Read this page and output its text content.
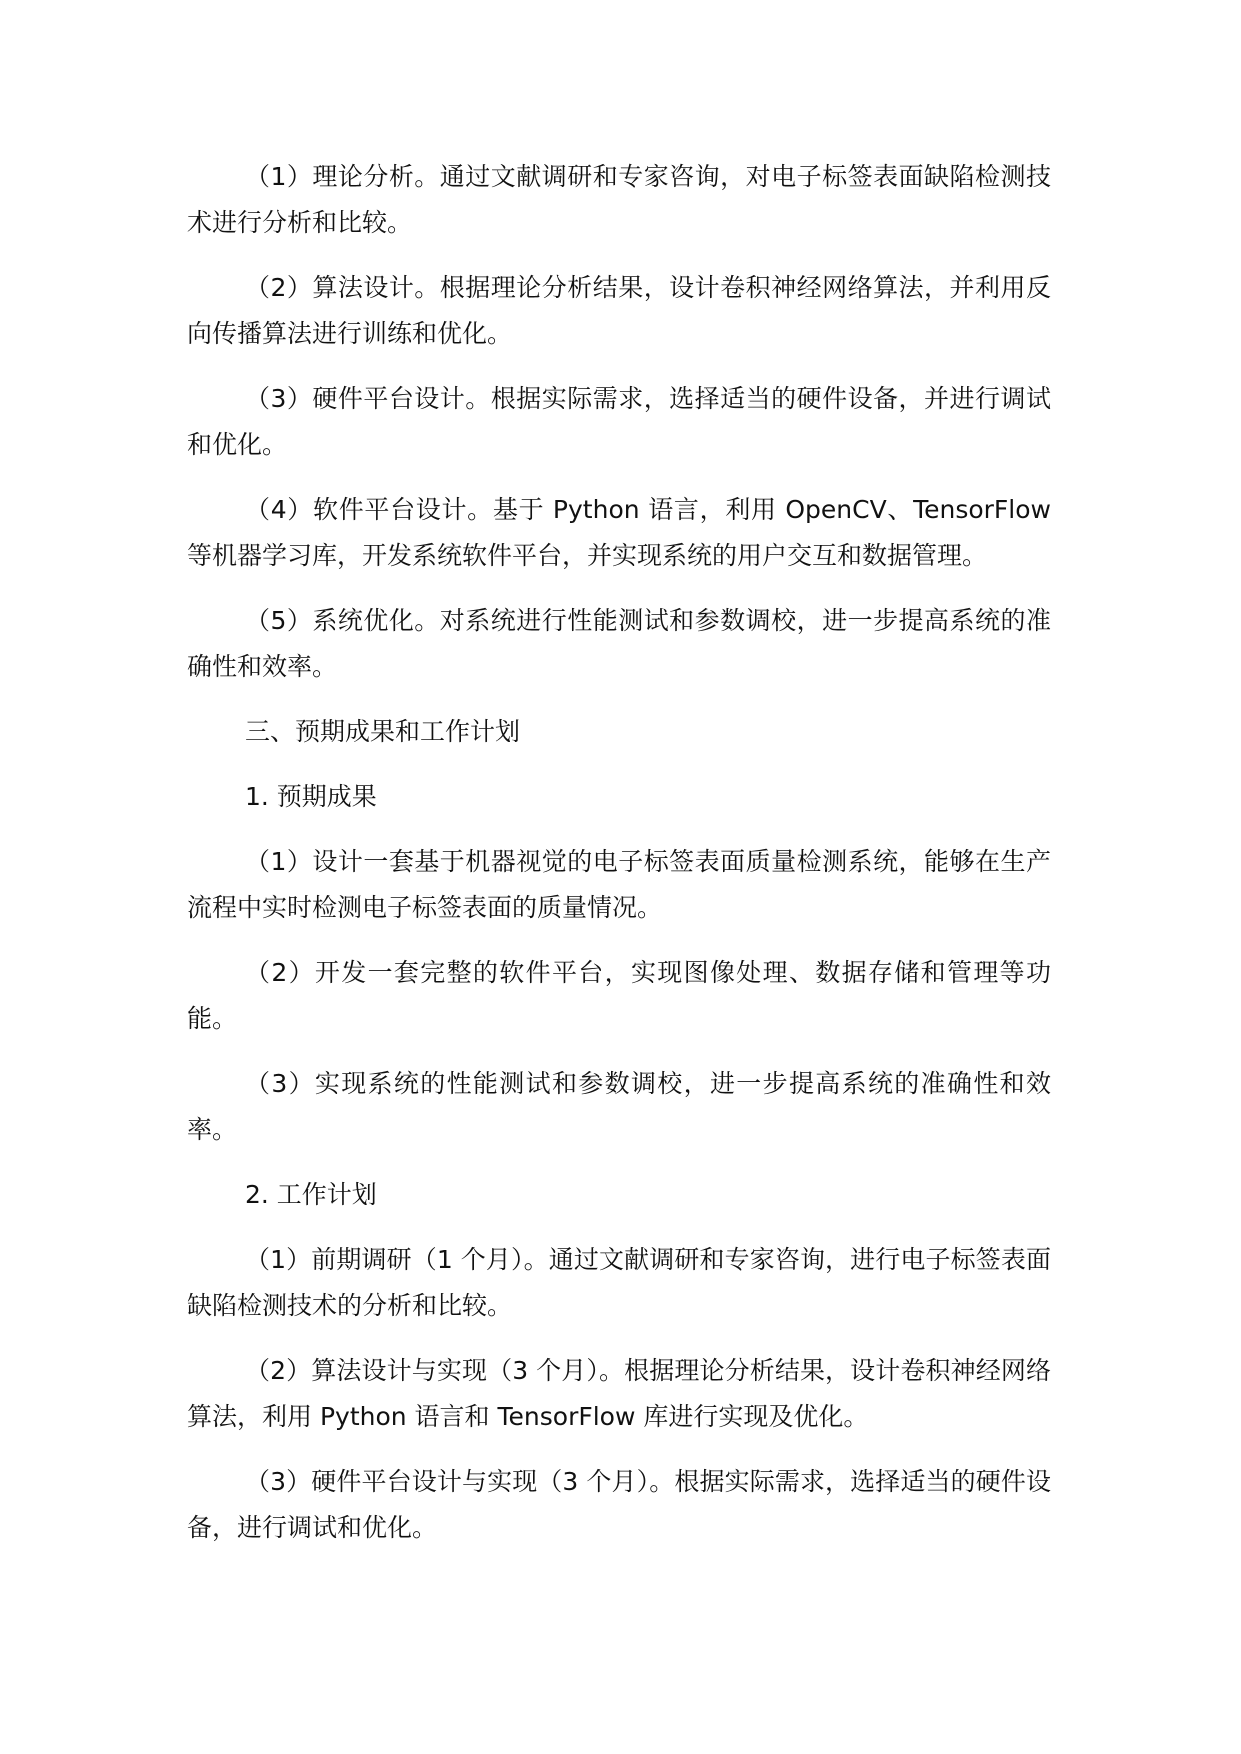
（1）理论分析。通过文献调研和专家咨询，对电子标签表面缺陷检测技术进行分析和比较。

（2）算法设计。根据理论分析结果，设计卷积神经网络算法，并利用反向传播算法进行训练和优化。

（3）硬件平台设计。根据实际需求，选择适当的硬件设备，并进行调试和优化。

（4）软件平台设计。基于 Python 语言，利用 OpenCV、TensorFlow 等机器学习库，开发系统软件平台，并实现系统的用户交互和数据管理。

（5）系统优化。对系统进行性能测试和参数调校，进一步提高系统的准确性和效率。

三、预期成果和工作计划

1. 预期成果

（1）设计一套基于机器视觉的电子标签表面质量检测系统，能够在生产流程中实时检测电子标签表面的质量情况。

（2）开发一套完整的软件平台，实现图像处理、数据存储和管理等功能。

（3）实现系统的性能测试和参数调校，进一步提高系统的准确性和效率。

2. 工作计划

（1）前期调研（1 个月）。通过文献调研和专家咨询，进行电子标签表面缺陷检测技术的分析和比较。

（2）算法设计与实现（3 个月）。根据理论分析结果，设计卷积神经网络算法，利用 Python 语言和 TensorFlow 库进行实现及优化。

（3）硬件平台设计与实现（3 个月）。根据实际需求，选择适当的硬件设备，进行调试和优化。
